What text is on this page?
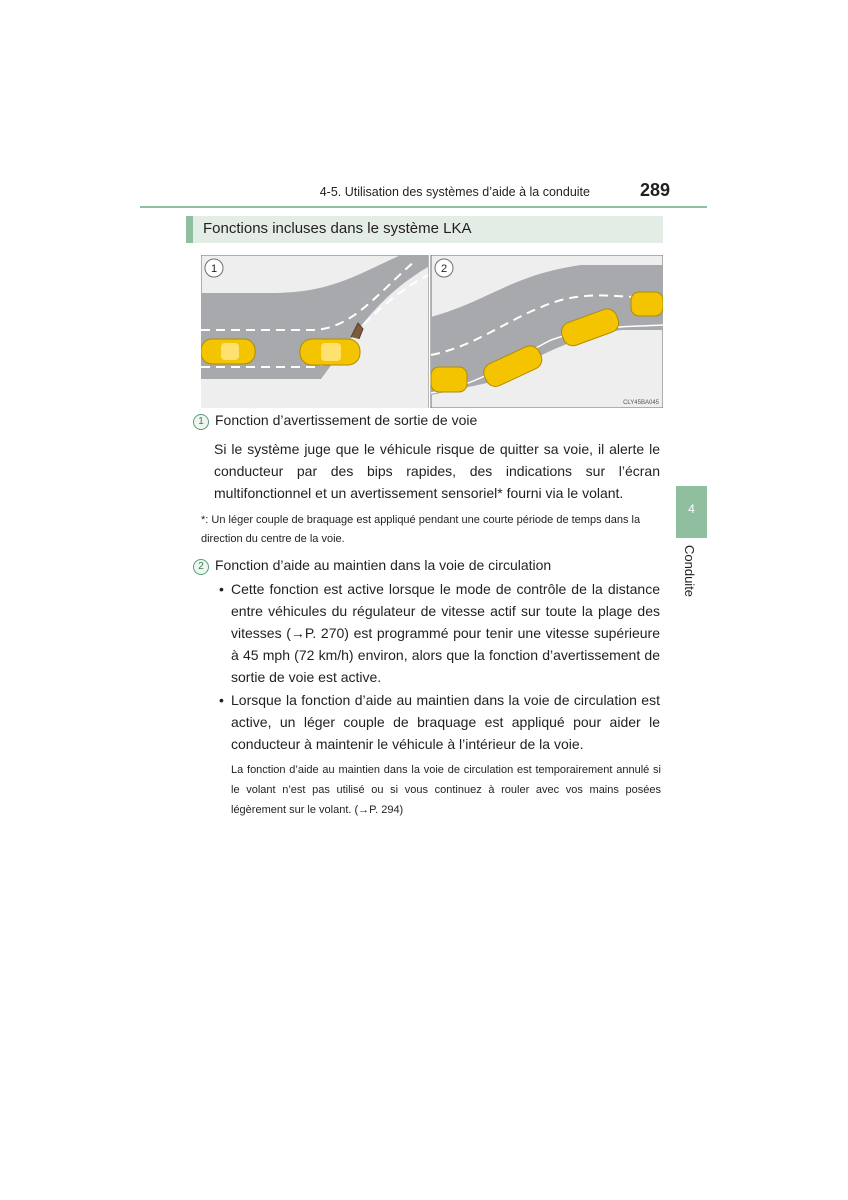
4-5. Utilisation des systèmes d’aide à la conduite	289
Fonctions incluses dans le système LKA
1	2
CLY45BA045
1 Fonction d’avertissement de sortie de voie
Si le système juge que le véhicule risque de quitter sa voie, il alerte le conducteur par des bips rapides, des indications sur l’écran multifonctionnel et un avertissement sensoriel* fourni via le volant.
*: Un léger couple de braquage est appliqué pendant une courte période de temps dans la direction du centre de la voie.
2 Fonction d’aide au maintien dans la voie de circulation
• Cette fonction est active lorsque le mode de contrôle de la distance entre véhicules du régulateur de vitesse actif sur toute la plage des vitesses (→P. 270) est programmé pour tenir une vitesse supérieure à 45 mph (72 km/h) environ, alors que la fonction d’avertissement de sortie de voie est active.
• Lorsque la fonction d’aide au maintien dans la voie de circulation est active, un léger couple de braquage est appliqué pour aider le conducteur à maintenir le véhicule à l’intérieur de la voie.
La fonction d’aide au maintien dans la voie de circulation est temporairement annulé si le volant n’est pas utilisé ou si vous continuez à rouler avec vos mains posées légèrement sur le volant. (→P. 294)
4
Conduite
